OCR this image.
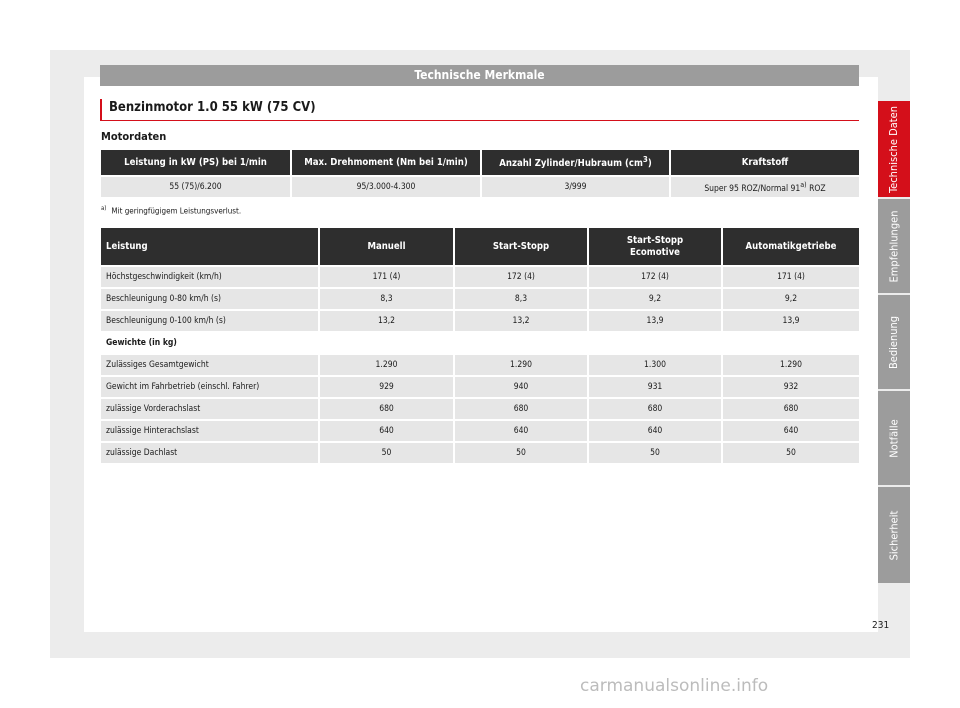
Technische Merkmale
Benzinmotor 1.0 55 kW (75 CV)
Motordaten
Leistung in kW (PS) bei 1/min	Max. Drehmoment (Nm bei 1/min)	Anzahl Zylinder/Hubraum $(cm^3)$	Kraftstoff
55 (75)/6.200	95/3.000-4.300	3/999	Super 95 ROZ/Normal 91$^{a)}$ ROZ
$^{a)}$ Mit geringfügigem Leistungsverlust.
Leistung	Manuell	Start-Stopp	Start-Stopp Ecomotive	Automatikgetriebe
Höchstgeschwindigkeit (km/h)	171 (4)	172 (4)	172 (4)	171 (4)
Beschleunigung 0-80 km/h (s)	8,3	8,3	9,2	9,2
Beschleunigung 0-100 km/h (s)	13,2	13,2	13,9	13,9
Gewichte (in kg)				
Zulässiges Gesamtgewicht	1.290	1.290	1.300	1.290
Gewicht im Fahrbetrieb (einschl. Fahrer)	929	940	931	932
zulässige Vorderachslast	680	680	680	680
zulässige Hinterachslast	640	640	640	640
zulässige Dachlast	50	50	50	50
Technische Daten
Empfehlungen
Bedienung
Notfälle
Sicherheit
231
carmanualsonline.info
